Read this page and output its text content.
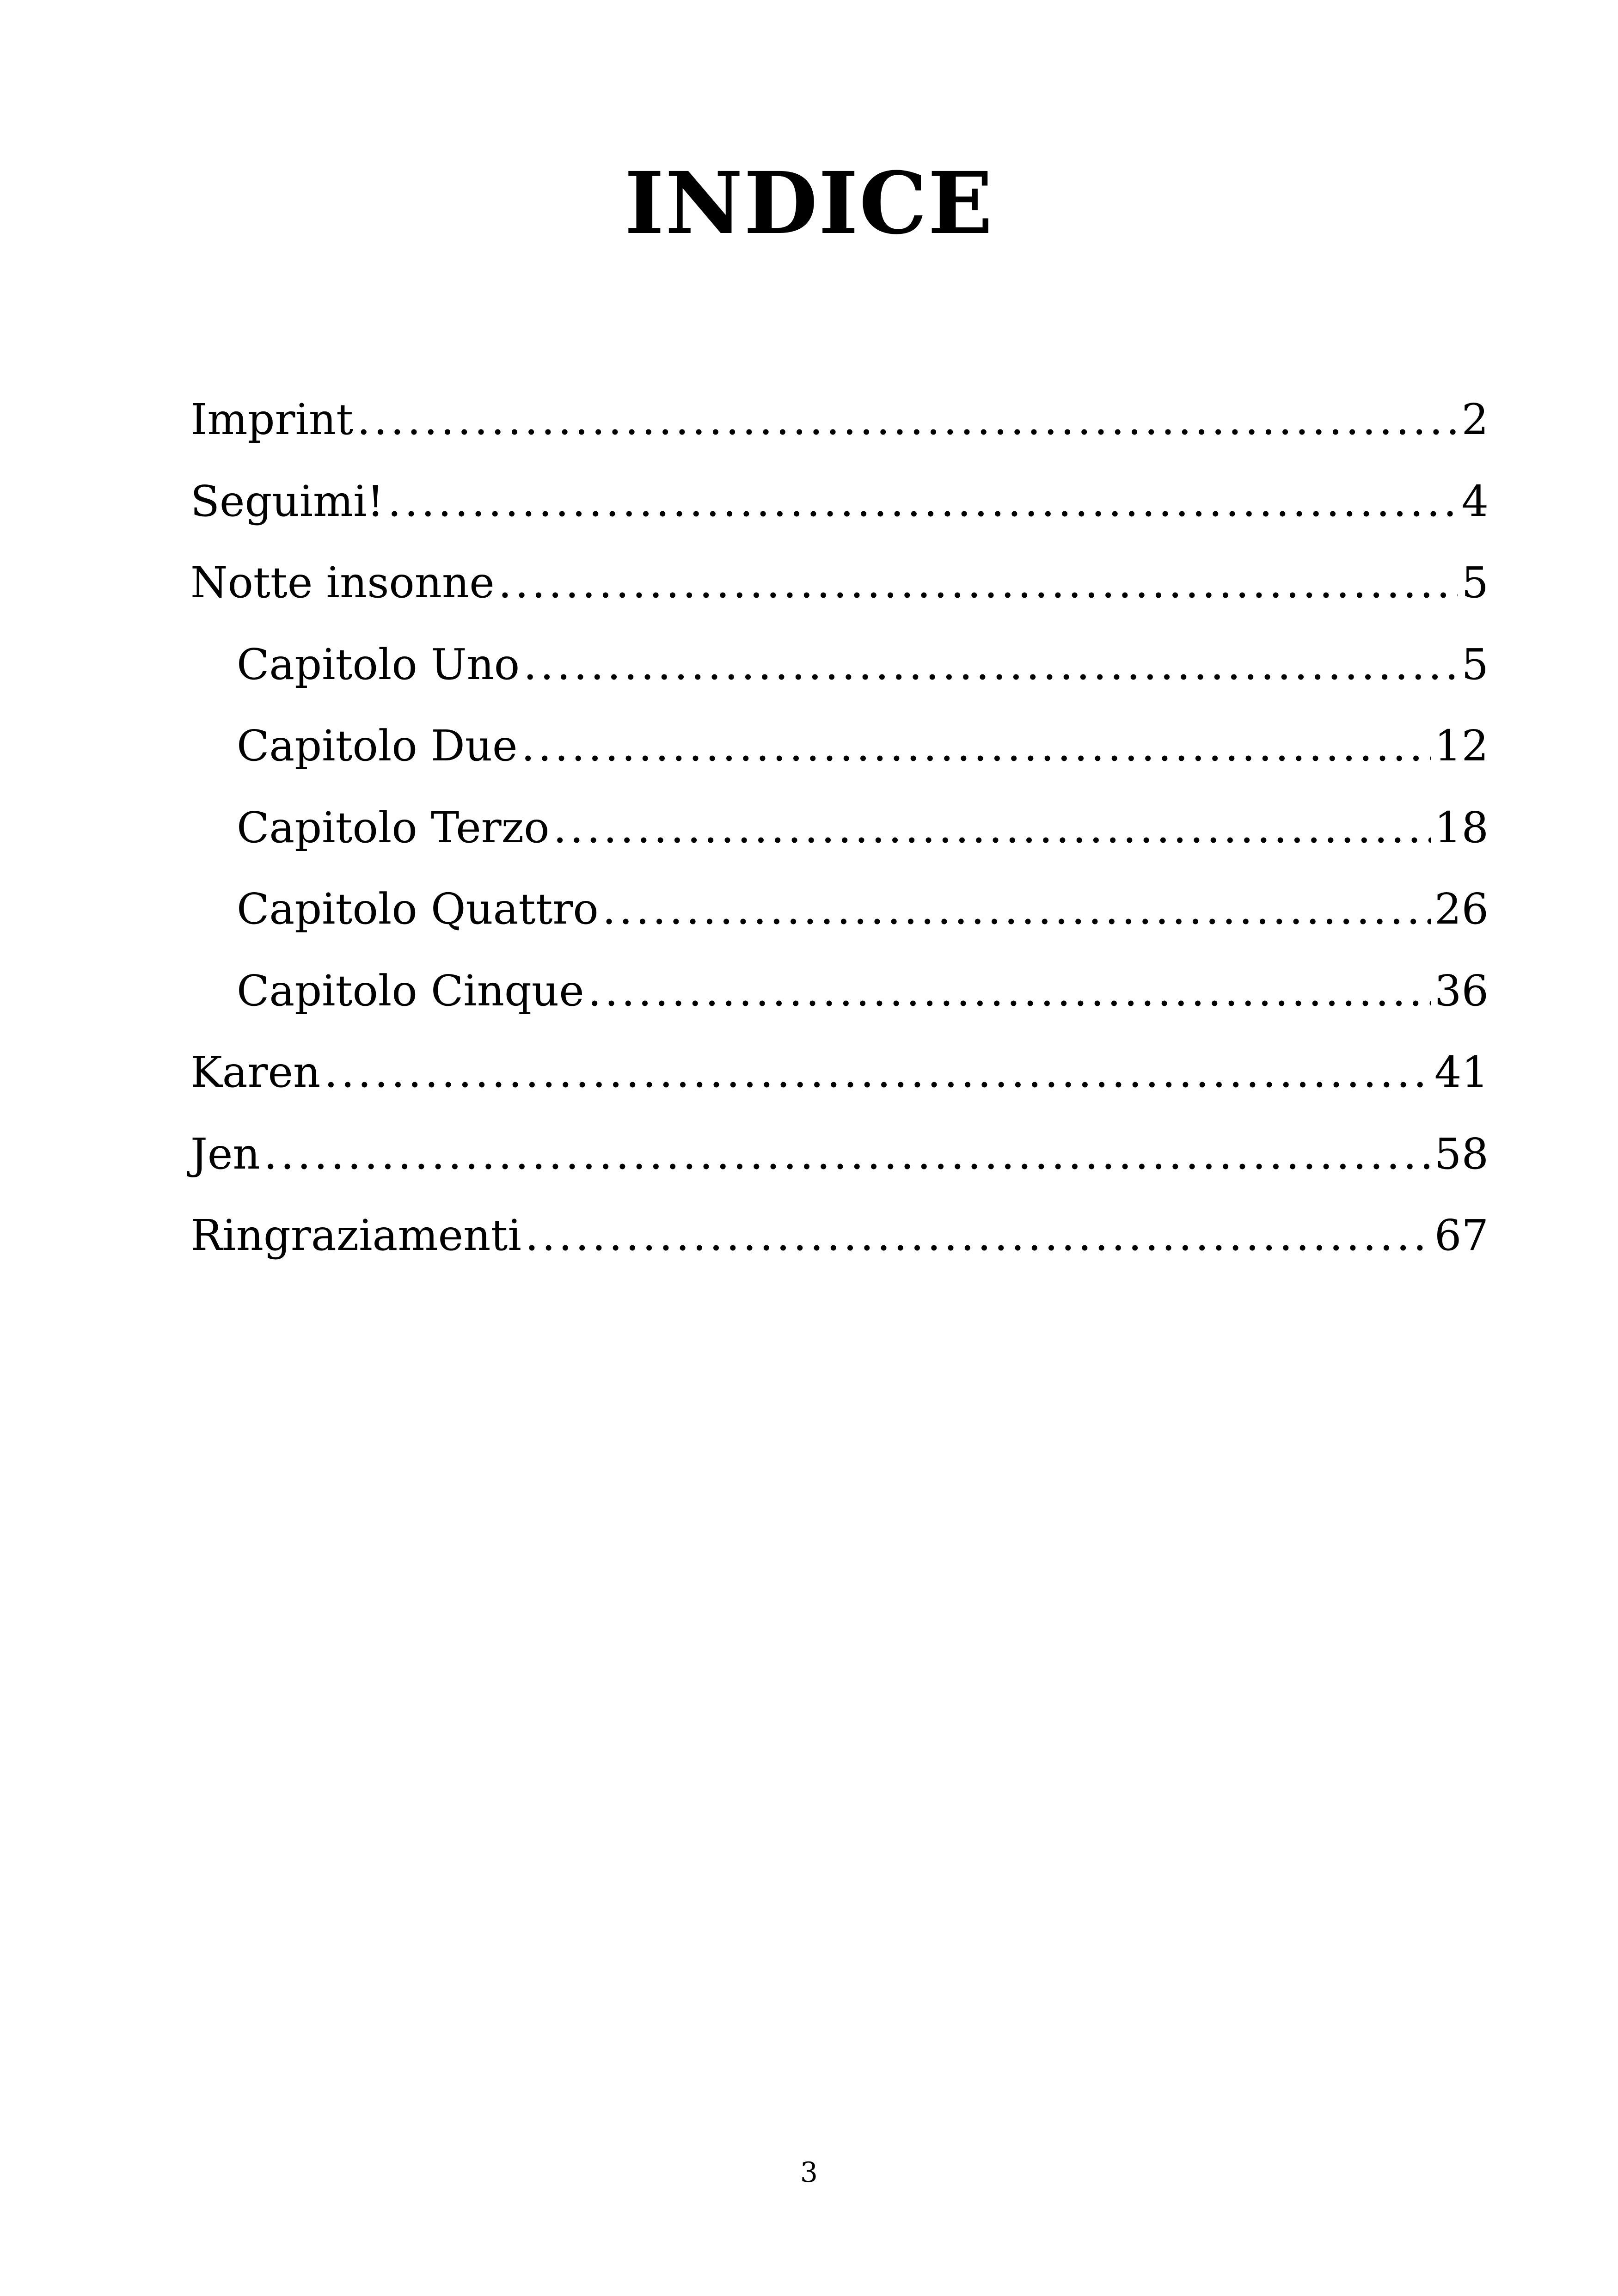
INDICE
Imprint .....	2
Seguimi! .....	4
Notte insonne .....	5
Capitolo Uno .....	5
Capitolo Due .....	12
Capitolo Terzo .....	18
Capitolo Quattro .....	26
Capitolo Cinque .....	36
Karen .....	41
Jen .....	58
Ringraziamenti .....	67
3
